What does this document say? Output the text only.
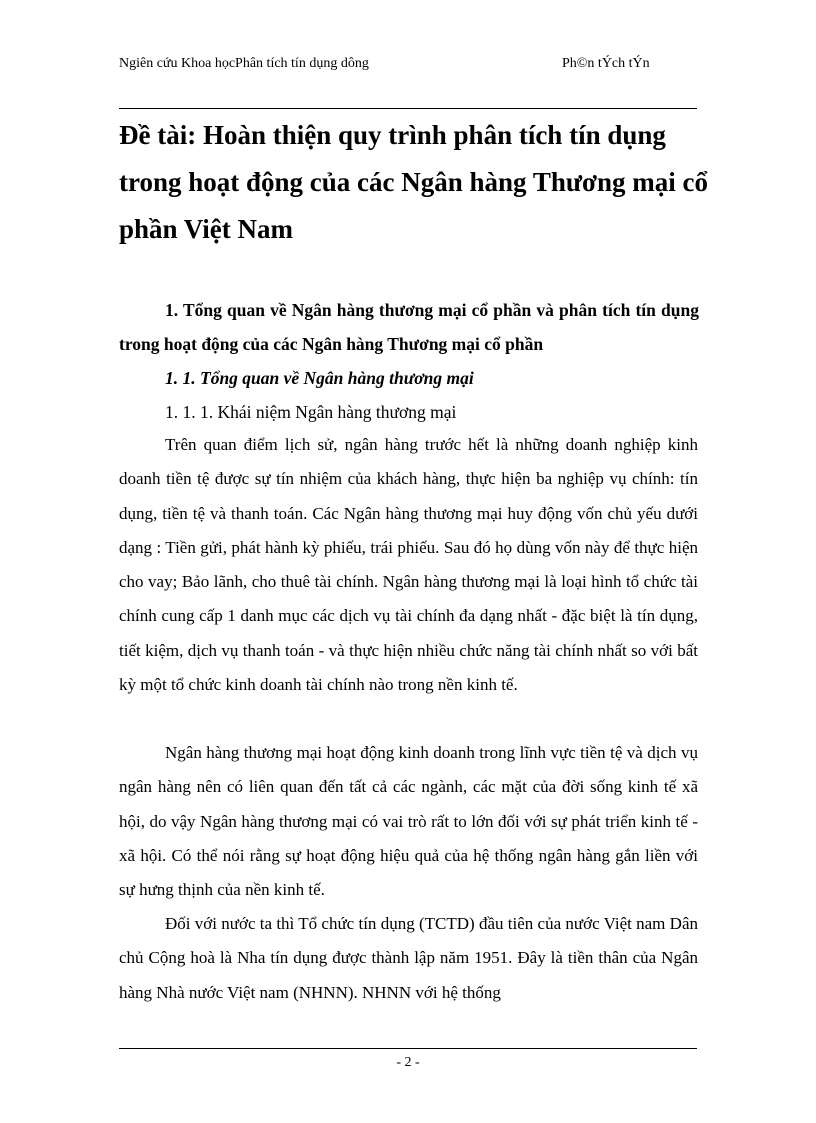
Ngiên cứu Khoa họcPhân tích tín dụng dông	Ph©n tÝch tÝn
Đề tài: Hoàn thiện quy trình phân tích tín dụng trong hoạt động của các Ngân hàng Thương mại cổ phần Việt Nam

1. Tổng quan về Ngân hàng thương mại cổ phần và phân tích tín dụng trong hoạt động của các Ngân hàng Thương mại cổ phần

1. 1. Tổng quan về Ngân hàng thương mại

1. 1. 1. Khái niệm Ngân hàng thương mại

Trên quan điểm lịch sử, ngân hàng trước hết là những doanh nghiệp kinh doanh tiền tệ được sự tín nhiệm của khách hàng, thực hiện ba nghiệp vụ chính: tín dụng, tiền tệ và thanh toán. Các Ngân hàng thương mại huy động vốn chủ yếu dưới dạng : Tiền gửi, phát hành kỳ phiếu, trái phiếu. Sau đó họ dùng vốn này để thực hiện cho vay; Bảo lãnh, cho thuê tài chính. Ngân hàng thương mại là loại hình tổ chức tài chính cung cấp 1 danh mục các dịch vụ tài chính đa dạng nhất - đặc biệt là tín dụng, tiết kiệm, dịch vụ thanh toán - và thực hiện nhiều chức năng tài chính nhất so với bất kỳ một tổ chức kinh doanh tài chính nào trong nền kinh tế.

Ngân hàng thương mại hoạt động kinh doanh trong lĩnh vực tiền tệ và dịch vụ ngân hàng nên có liên quan đến tất cả các ngành, các mặt của đời sống kinh tế xã hội, do vậy Ngân hàng thương mại có vai trò rất to lớn đối với sự phát triển kinh tế - xã hội. Có thể nói rằng sự hoạt động hiệu quả của hệ thống ngân hàng gắn liền với sự hưng thịnh của nền kinh tế.

Đối với nước ta thì Tổ chức tín dụng (TCTD) đầu tiên của nước Việt nam Dân chủ Cộng hoà là Nha tín dụng được thành lập năm 1951. Đây là tiền thân của Ngân hàng Nhà nước Việt nam (NHNN). NHNN với hệ thống

- 2 -
